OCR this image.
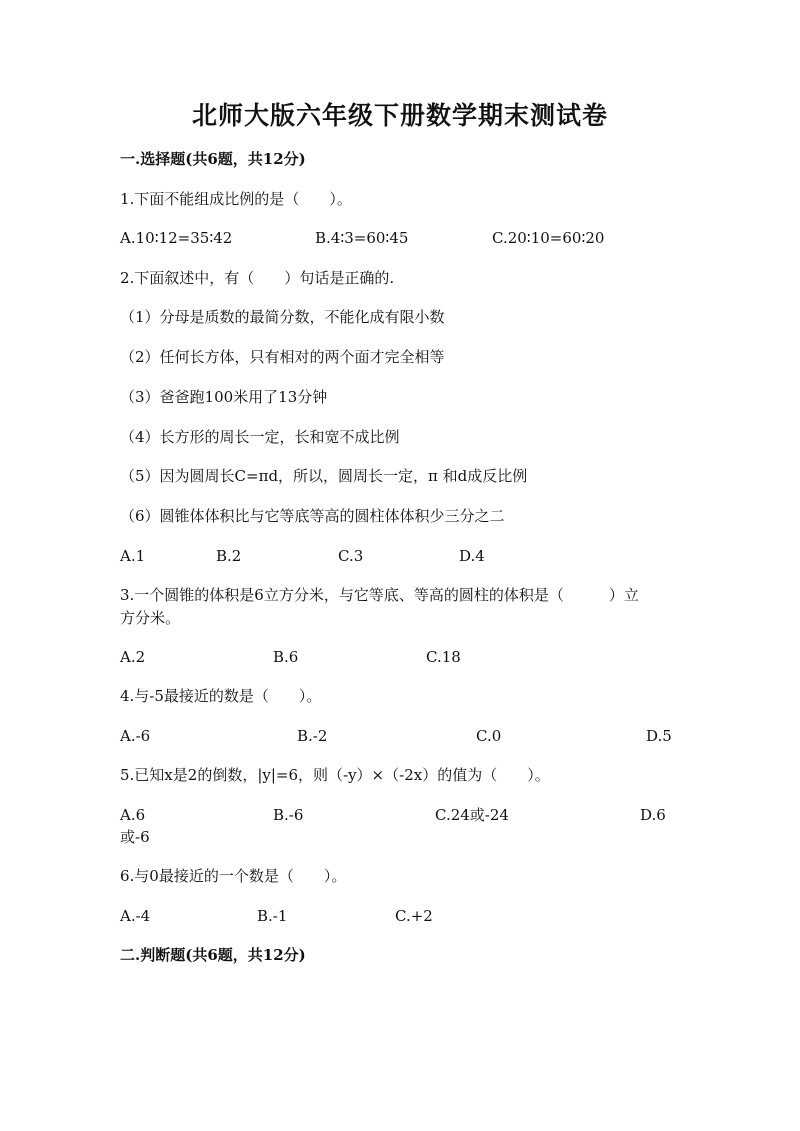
北师大版六年级下册数学期末测试卷
一.选择题(共6题，共12分)
1.下面不能组成比例的是（　　）。
A.10∶12=35∶42	B.4∶3=60∶45	C.20∶10=60∶20
2.下面叙述中，有（　　）句话是正确的.
（1）分母是质数的最简分数，不能化成有限小数
（2）任何长方体，只有相对的两个面才完全相等
（3）爸爸跑100米用了13分钟
（4）长方形的周长一定，长和宽不成比例
（5）因为圆周长C=πd，所以，圆周长一定，π 和d成反比例
（6）圆锥体体积比与它等底等高的圆柱体体积少三分之二
A.1	B.2	C.3	D.4
3.一个圆锥的体积是6立方分米，与它等底、等高的圆柱的体积是（　　　）立
方分米。
A.2	B.6	C.18
4.与-5最接近的数是（　　）。
A.-6	B.-2	C.0	D.5
5.已知x是2的倒数，|y|=6，则（-y）×（-2x）的值为（　　）。
A.6	B.-6	C.24或-24	D.6
或-6
6.与0最接近的一个数是（　　）。
A.-4	B.-1	C.+2
二.判断题(共6题，共12分)
